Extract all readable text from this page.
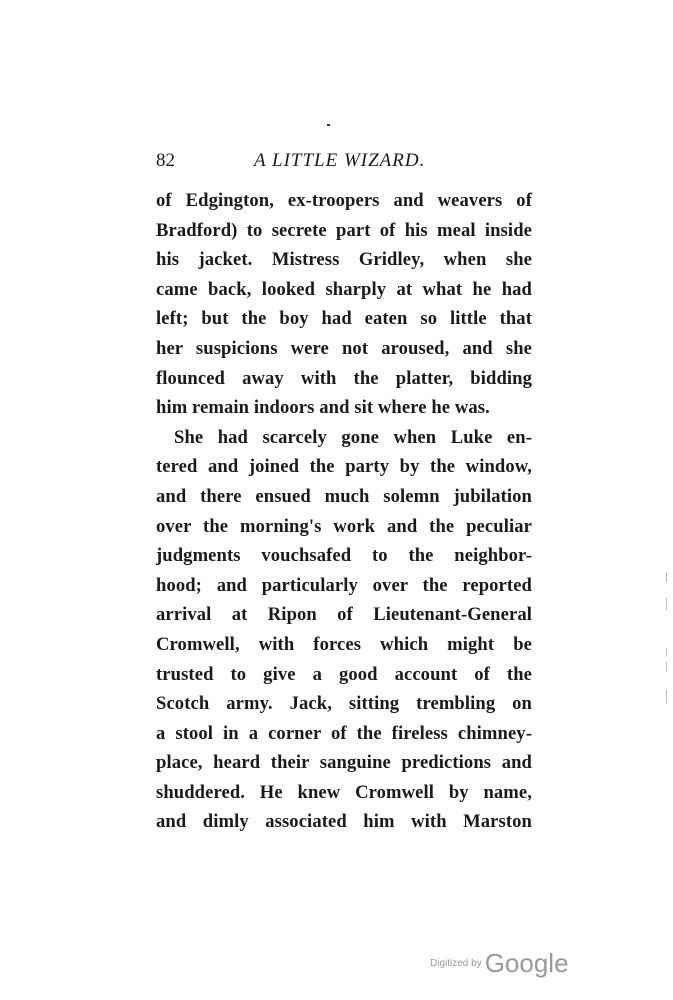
82	A LITTLE WIZARD.
of Edgington, ex-troopers and weavers of
Bradford) to secrete part of his meal inside
his jacket. Mistress Gridley, when she
came back, looked sharply at what he had
left; but the boy had eaten so little that
her suspicions were not aroused, and she
flounced away with the platter, bidding
him remain indoors and sit where he was.
She had scarcely gone when Luke en-
tered and joined the party by the window,
and there ensued much solemn jubilation
over the morning's work and the peculiar
judgments vouchsafed to the neighbor-
hood; and particularly over the reported
arrival at Ripon of Lieutenant-General
Cromwell, with forces which might be
trusted to give a good account of the
Scotch army. Jack, sitting trembling on
a stool in a corner of the fireless chimney-
place, heard their sanguine predictions and
shuddered. He knew Cromwell by name,
and dimly associated him with Marston
Digitized by Google
